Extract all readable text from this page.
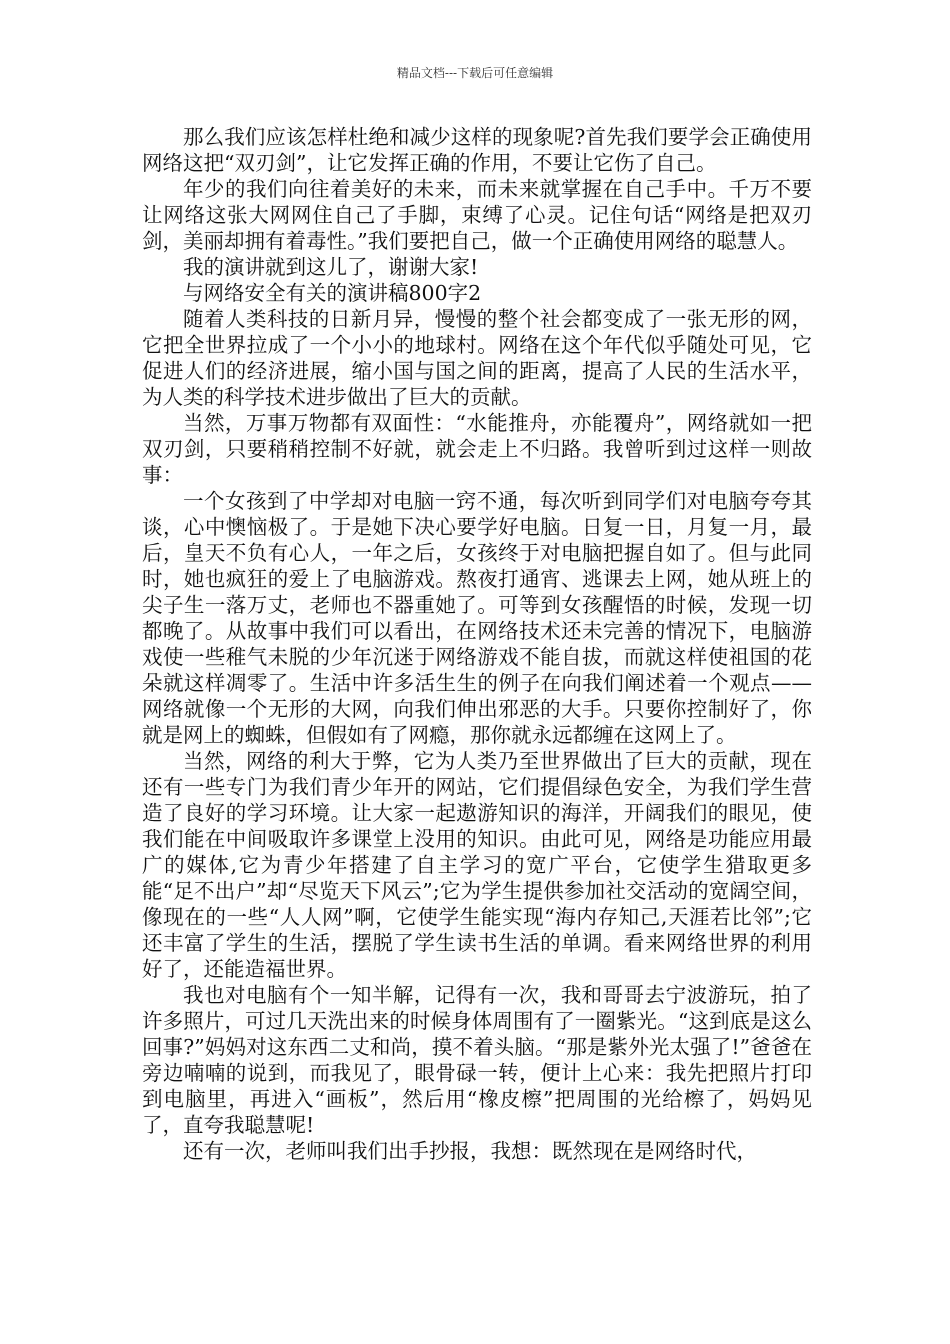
精品文档---下载后可任意编辑

那么我们应该怎样杜绝和减少这样的现象呢?首先我们要学会正确使用网络这把“双刃剑”，让它发挥正确的作用，不要让它伤了自己。

年少的我们向往着美好的未来，而未来就掌握在自己手中。千万不要让网络这张大网网住自己了手脚，束缚了心灵。记住句话“网络是把双刃剑，美丽却拥有着毒性。”我们要把自己，做一个正确使用网络的聪慧人。

我的演讲就到这儿了，谢谢大家!

与网络安全有关的演讲稿800字2

随着人类科技的日新月异，慢慢的整个社会都变成了一张无形的网，它把全世界拉成了一个小小的地球村。网络在这个年代似乎随处可见，它促进人们的经济进展，缩小国与国之间的距离，提高了人民的生活水平，为人类的科学技术进步做出了巨大的贡献。

当然，万事万物都有双面性：“水能推舟，亦能覆舟”，网络就如一把双刃剑，只要稍稍控制不好就，就会走上不归路。我曾听到过这样一则故事：

一个女孩到了中学却对电脑一窍不通，每次听到同学们对电脑夸夸其谈，心中懊恼极了。于是她下决心要学好电脑。日复一日，月复一月，最后，皇天不负有心人，一年之后，女孩终于对电脑把握自如了。但与此同时，她也疯狂的爱上了电脑游戏。熬夜打通宵、逃课去上网，她从班上的尖子生一落万丈，老师也不器重她了。可等到女孩醒悟的时候，发现一切都晚了。从故事中我们可以看出，在网络技术还未完善的情况下，电脑游戏使一些稚气未脱的少年沉迷于网络游戏不能自拔，而就这样使祖国的花朵就这样凋零了。生活中许多活生生的例子在向我们阐述着一个观点——网络就像一个无形的大网，向我们伸出邪恶的大手。只要你控制好了，你就是网上的蜘蛛，但假如有了网瘾，那你就永远都缠在这网上了。

当然，网络的利大于弊，它为人类乃至世界做出了巨大的贡献，现在还有一些专门为我们青少年开的网站，它们提倡绿色安全，为我们学生营造了良好的学习环境。让大家一起遨游知识的海洋，开阔我们的眼见，使我们能在中间吸取许多课堂上没用的知识。由此可见，网络是功能应用最广的媒体,它为青少年搭建了自主学习的宽广平台，它使学生猎取更多能“足不出户”却“尽览天下风云”;它为学生提供参加社交活动的宽阔空间，像现在的一些“人人网”啊，它使学生能实现“海内存知己,天涯若比邻”;它还丰富了学生的生活，摆脱了学生读书生活的单调。看来网络世界的利用好了，还能造福世界。

我也对电脑有个一知半解，记得有一次，我和哥哥去宁波游玩，拍了许多照片，可过几天洗出来的时候身体周围有了一圈紫光。“这到底是这么回事?”妈妈对这东西二丈和尚，摸不着头脑。“那是紫外光太强了!”爸爸在旁边喃喃的说到，而我见了，眼骨碌一转，便计上心来：我先把照片打印到电脑里，再进入“画板”，然后用“橡皮檫”把周围的光给檫了，妈妈见了，直夸我聪慧呢!

还有一次，老师叫我们出手抄报，我想：既然现在是网络时代，
